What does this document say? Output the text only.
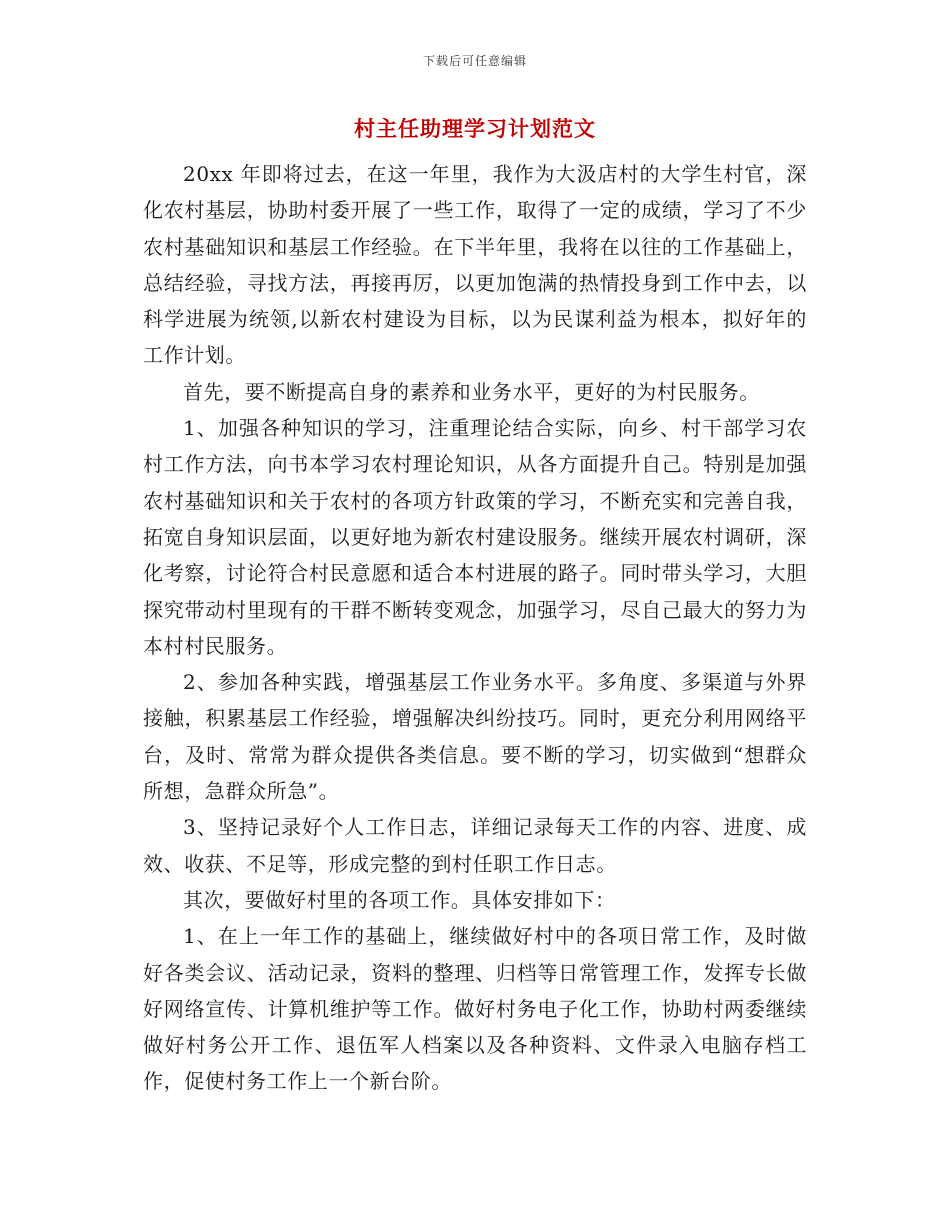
下载后可任意编辑
村主任助理学习计划范文

20xx 年即将过去，在这一年里，我作为大汲店村的大学生村官，深化农村基层，协助村委开展了一些工作，取得了一定的成绩，学习了不少农村基础知识和基层工作经验。在下半年里，我将在以往的工作基础上，总结经验，寻找方法，再接再厉，以更加饱满的热情投身到工作中去，以科学进展为统领,以新农村建设为目标，以为民谋利益为根本，拟好年的工作计划。

首先，要不断提高自身的素养和业务水平，更好的为村民服务。

1、加强各种知识的学习，注重理论结合实际，向乡、村干部学习农村工作方法，向书本学习农村理论知识，从各方面提升自己。特别是加强农村基础知识和关于农村的各项方针政策的学习，不断充实和完善自我，拓宽自身知识层面，以更好地为新农村建设服务。继续开展农村调研，深化考察，讨论符合村民意愿和适合本村进展的路子。同时带头学习，大胆探究带动村里现有的干群不断转变观念，加强学习，尽自己最大的努力为本村村民服务。

2、参加各种实践，增强基层工作业务水平。多角度、多渠道与外界接触，积累基层工作经验，增强解决纠纷技巧。同时，更充分利用网络平台，及时、常常为群众提供各类信息。要不断的学习，切实做到“想群众所想，急群众所急”。

3、坚持记录好个人工作日志，详细记录每天工作的内容、进度、成效、收获、不足等，形成完整的到村任职工作日志。

其次，要做好村里的各项工作。具体安排如下：

1、在上一年工作的基础上，继续做好村中的各项日常工作，及时做好各类会议、活动记录，资料的整理、归档等日常管理工作，发挥专长做好网络宣传、计算机维护等工作。做好村务电子化工作，协助村两委继续做好村务公开工作、退伍军人档案以及各种资料、文件录入电脑存档工作，促使村务工作上一个新台阶。
